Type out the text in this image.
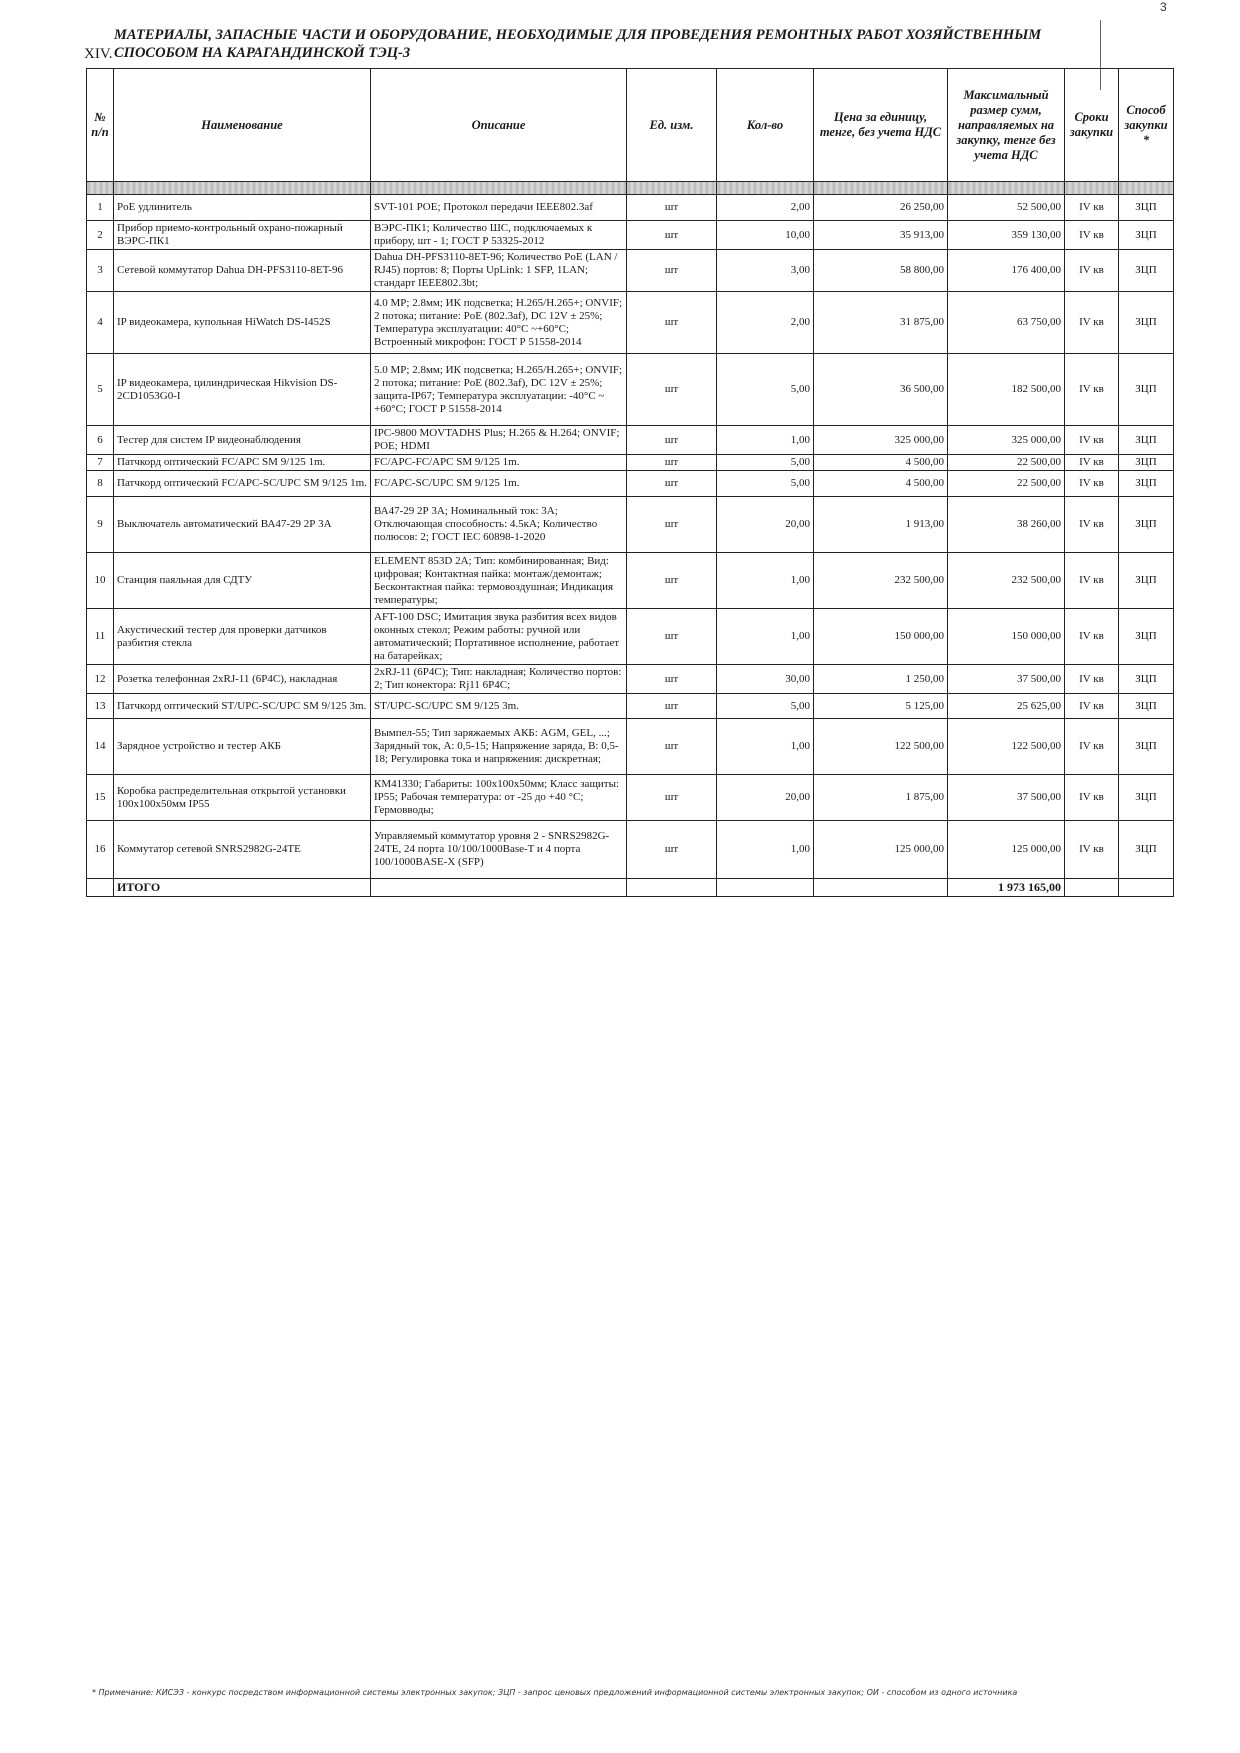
3
XIV.
МАТЕРИАЛЫ, ЗАПАСНЫЕ ЧАСТИ И ОБОРУДОВАНИЕ, НЕОБХОДИМЫЕ ДЛЯ ПРОВЕДЕНИЯ РЕМОНТНЫХ РАБОТ ХОЗЯЙСТВЕННЫМ СПОСОБОМ НА КАРАГАНДИНСКОЙ ТЭЦ-3
№ п/п	Наименование	Описание	Ед. изм.	Кол-во	Цена за единицу, тенге, без учета НДС	Максимальный размер сумм, направляемых на закупку, тенге без учета НДС	Сроки закупки	Способ закупки *

1	PoE удлинитель	SVT-101 POE; Протокол передачи IEEE802.3af	шт	2,00	26 250,00	52 500,00	IV кв	ЗЦП
2	Прибор приемо-контрольный охрано-пожарный ВЭРС-ПК1	ВЭРС-ПК1; Количество ШС, подключаемых к прибору, шт - 1; ГОСТ Р 53325-2012	шт	10,00	35 913,00	359 130,00	IV кв	ЗЦП
3	Сетевой коммутатор Dahua DH-PFS3110-8ET-96	Dahua DH-PFS3110-8ET-96; Количество PoE (LAN / RJ45) портов: 8; Порты UpLink: 1 SFP, 1LAN; стандарт IEEE802.3bt;	шт	3,00	58 800,00	176 400,00	IV кв	ЗЦП
4	IP видеокамера, купольная HiWatch DS-I452S	4.0 MP; 2.8мм; ИК подсветка; H.265/H.265+; ONVIF; 2 потока; питание: PoE (802.3af), DC 12V ± 25%; Температура эксплуатации: 40°C ~+60°C; Встроенный микрофон: ГОСТ Р 51558-2014	шт	2,00	31 875,00	63 750,00	IV кв	ЗЦП
5	IP видеокамера, цилиндрическая Hikvision DS-2CD1053G0-I	5.0 MP; 2.8мм; ИК подсветка; H.265/H.265+; ONVIF; 2 потока; питание: PoE (802.3af), DC 12V ± 25%; защита-IP67; Температура эксплуатации: -40°C ~ +60°C; ГОСТ Р 51558-2014	шт	5,00	36 500,00	182 500,00	IV кв	ЗЦП
6	Тестер для систем IP видеонаблюдения	IPC-9800 MOVTADHS Plus; H.265 & H.264; ONVIF; POE; HDMI	шт	1,00	325 000,00	325 000,00	IV кв	ЗЦП
7	Патчкорд оптический FC/APC SM 9/125 1m.	FC/APC-FC/APC SM 9/125 1m.	шт	5,00	4 500,00	22 500,00	IV кв	ЗЦП
8	Патчкорд оптический FC/APC-SC/UPC SM 9/125 1m.	FC/APC-SC/UPC SM 9/125 1m.	шт	5,00	4 500,00	22 500,00	IV кв	ЗЦП
9	Выключатель автоматический ВА47-29 2Р 3А	ВА47-29 2Р 3А; Номинальный ток: 3А; Отключающая способность: 4.5кА; Количество полюсов: 2; ГОСТ IEC 60898-1-2020	шт	20,00	1 913,00	38 260,00	IV кв	ЗЦП
10	Станция паяльная для СДТУ	ELEMENT 853D 2A; Тип: комбинированная; Вид: цифровая; Контактная пайка: монтаж/демонтаж; Бесконтактная пайка: термовоздушная; Индикация температуры;	шт	1,00	232 500,00	232 500,00	IV кв	ЗЦП
11	Акустический тестер для проверки датчиков разбития стекла	AFT-100 DSC; Имитация звука разбития всех видов оконных стекол; Режим работы: ручной или автоматический; Портативное исполнение, работает на батарейках;	шт	1,00	150 000,00	150 000,00	IV кв	ЗЦП
12	Розетка телефонная 2хRJ-11 (6Р4С), накладная	2xRJ-11 (6P4C); Тип: накладная; Количество портов: 2; Тип конектора: Rj11 6P4C;	шт	30,00	1 250,00	37 500,00	IV кв	ЗЦП
13	Патчкорд оптический ST/UPC-SC/UPC SM 9/125 3m.	ST/UPC-SC/UPC SM 9/125 3m.	шт	5,00	5 125,00	25 625,00	IV кв	ЗЦП
14	Зарядное устройство и тестер АКБ	Вымпел-55; Тип заряжаемых АКБ: AGM, GEL, ...; Зарядный ток, А: 0,5-15; Напряжение заряда, В: 0,5-18; Регулировка тока и напряжения: дискретная;	шт	1,00	122 500,00	122 500,00	IV кв	ЗЦП
15	Коробка распределительная открытой установки 100х100х50мм IP55	КМ41330; Габариты: 100х100х50мм; Класс защиты: IP55; Рабочая температура: от -25 до +40 °C; Гермовводы;	шт	20,00	1 875,00	37 500,00	IV кв	ЗЦП
16	Коммутатор сетевой SNRS2982G-24TE	Управляемый коммутатор уровня 2 - SNRS2982G-24TE, 24 порта 10/100/1000Base-T и 4 порта 100/1000BASE-X (SFP)	шт	1,00	125 000,00	125 000,00	IV кв	ЗЦП
	ИТОГО					1 973 165,00		
* Примечание: КИСЭЗ - конкурс посредством информационной системы электронных закупок; ЗЦП - запрос ценовых предложений информационной системы электронных закупок; ОИ - способом из одного источника
